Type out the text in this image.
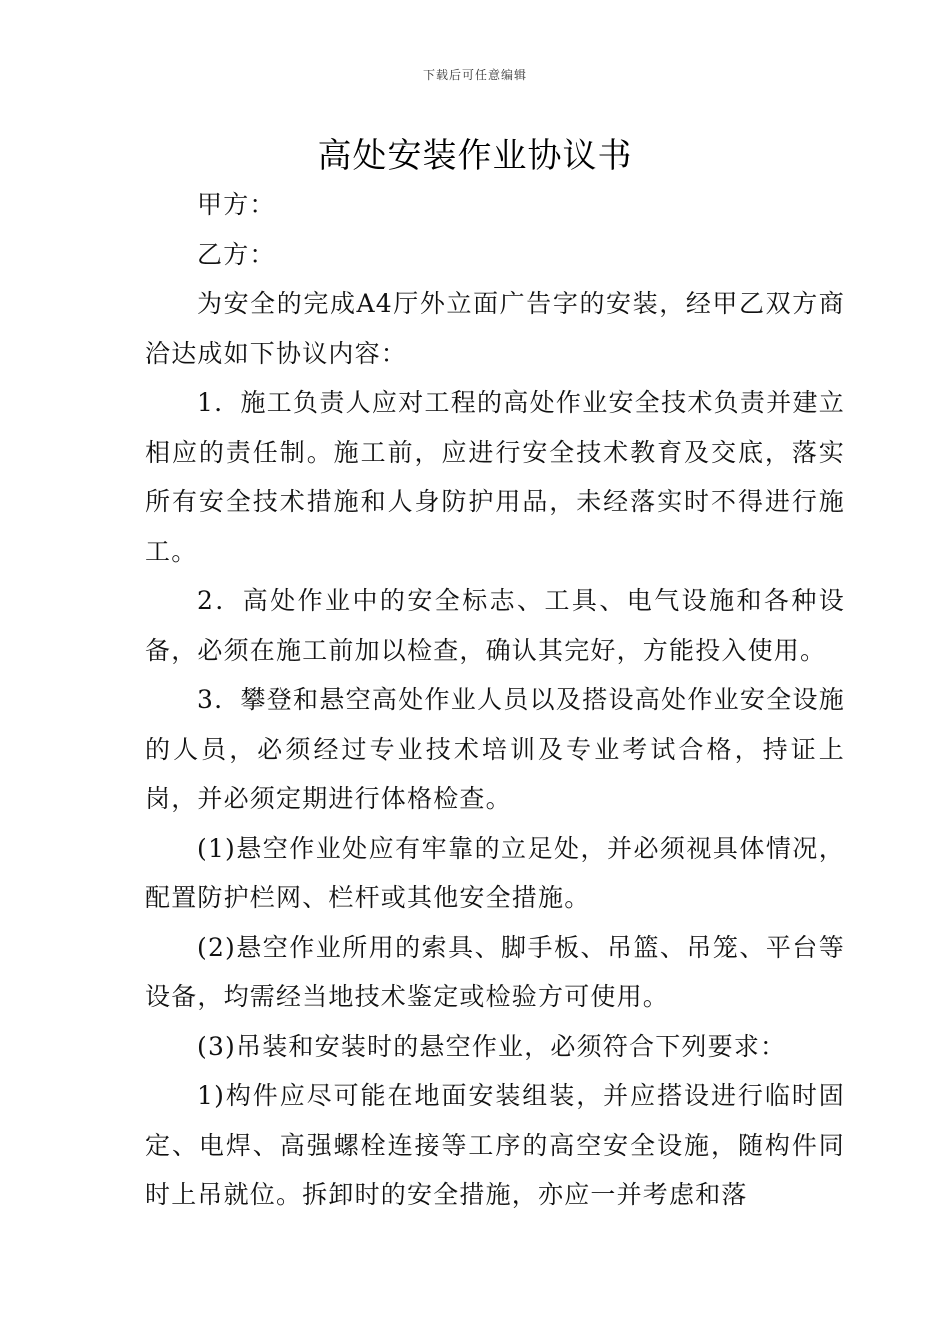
下载后可任意编辑
高处安装作业协议书

甲方：

乙方：

为安全的完成A4厅外立面广告字的安装，经甲乙双方商洽达成如下协议内容：

1．施工负责人应对工程的高处作业安全技术负责并建立相应的责任制。施工前，应进行安全技术教育及交底，落实所有安全技术措施和人身防护用品，未经落实时不得进行施工。

2．高处作业中的安全标志、工具、电气设施和各种设备，必须在施工前加以检查，确认其完好，方能投入使用。

3．攀登和悬空高处作业人员以及搭设高处作业安全设施的人员，必须经过专业技术培训及专业考试合格，持证上岗，并必须定期进行体格检查。

(1)悬空作业处应有牢靠的立足处，并必须视具体情况，配置防护栏网、栏杆或其他安全措施。

(2)悬空作业所用的索具、脚手板、吊篮、吊笼、平台等设备，均需经当地技术鉴定或检验方可使用。

(3)吊装和安装时的悬空作业，必须符合下列要求：

1)构件应尽可能在地面安装组装，并应搭设进行临时固定、电焊、高强螺栓连接等工序的高空安全设施，随构件同时上吊就位。拆卸时的安全措施，亦应一并考虑和落
